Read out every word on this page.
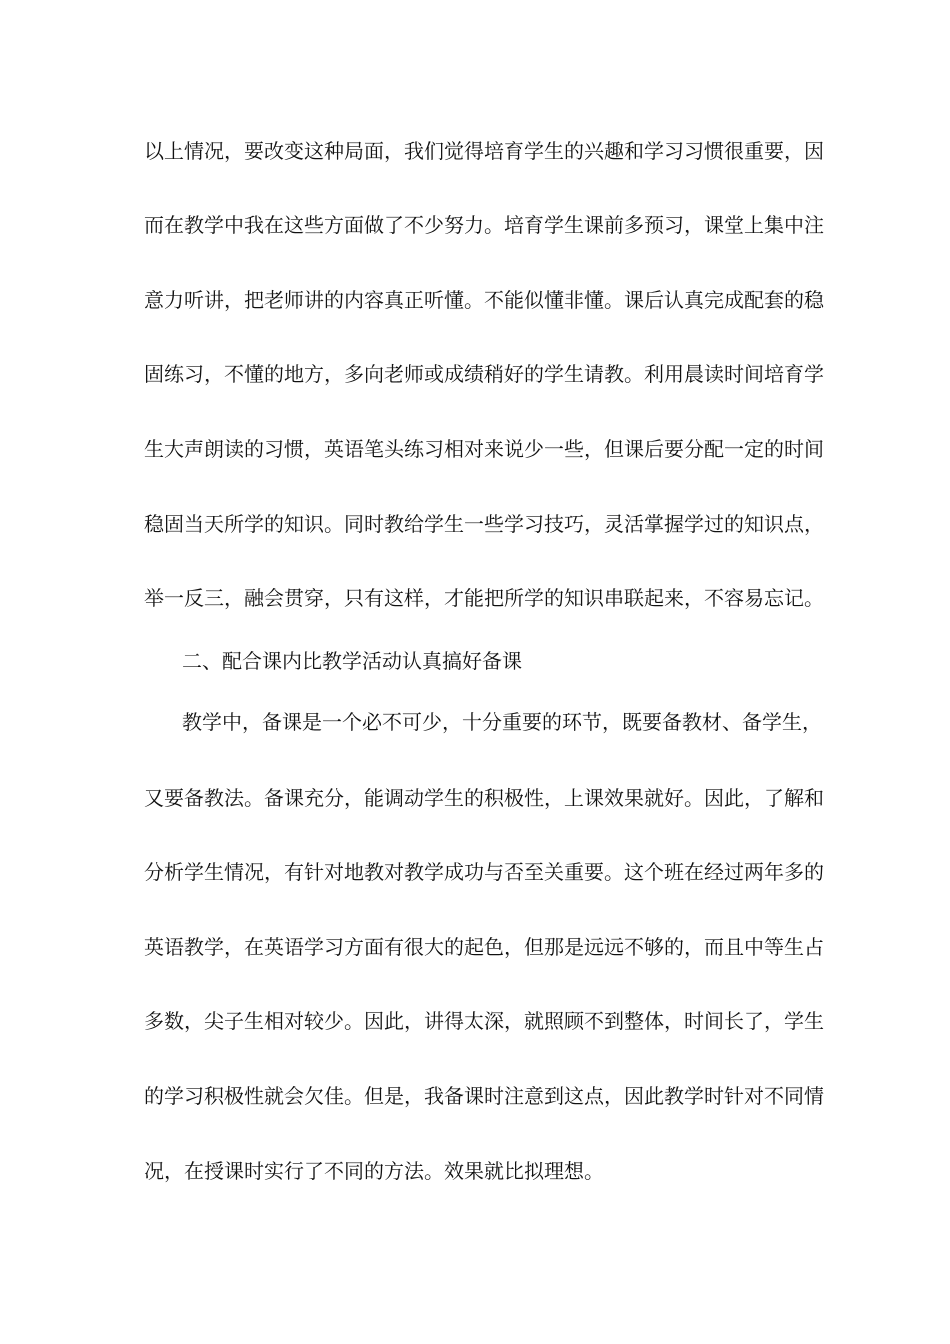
以上情况，要改变这种局面，我们觉得培育学生的兴趣和学习习惯很重要，因
而在教学中我在这些方面做了不少努力。培育学生课前多预习，课堂上集中注
意力听讲，把老师讲的内容真正听懂。不能似懂非懂。课后认真完成配套的稳
固练习，不懂的地方，多向老师或成绩稍好的学生请教。利用晨读时间培育学
生大声朗读的习惯，英语笔头练习相对来说少一些，但课后要分配一定的时间
稳固当天所学的知识。同时教给学生一些学习技巧，灵活掌握学过的知识点，
举一反三，融会贯穿，只有这样，才能把所学的知识串联起来，不容易忘记。
二、配合课内比教学活动认真搞好备课
教学中，备课是一个必不可少，十分重要的环节，既要备教材、备学生，
又要备教法。备课充分，能调动学生的积极性，上课效果就好。因此，了解和
分析学生情况，有针对地教对教学成功与否至关重要。这个班在经过两年多的
英语教学，在英语学习方面有很大的起色，但那是远远不够的，而且中等生占
多数，尖子生相对较少。因此，讲得太深，就照顾不到整体，时间长了，学生
的学习积极性就会欠佳。但是，我备课时注意到这点，因此教学时针对不同情
况，在授课时实行了不同的方法。效果就比拟理想。
